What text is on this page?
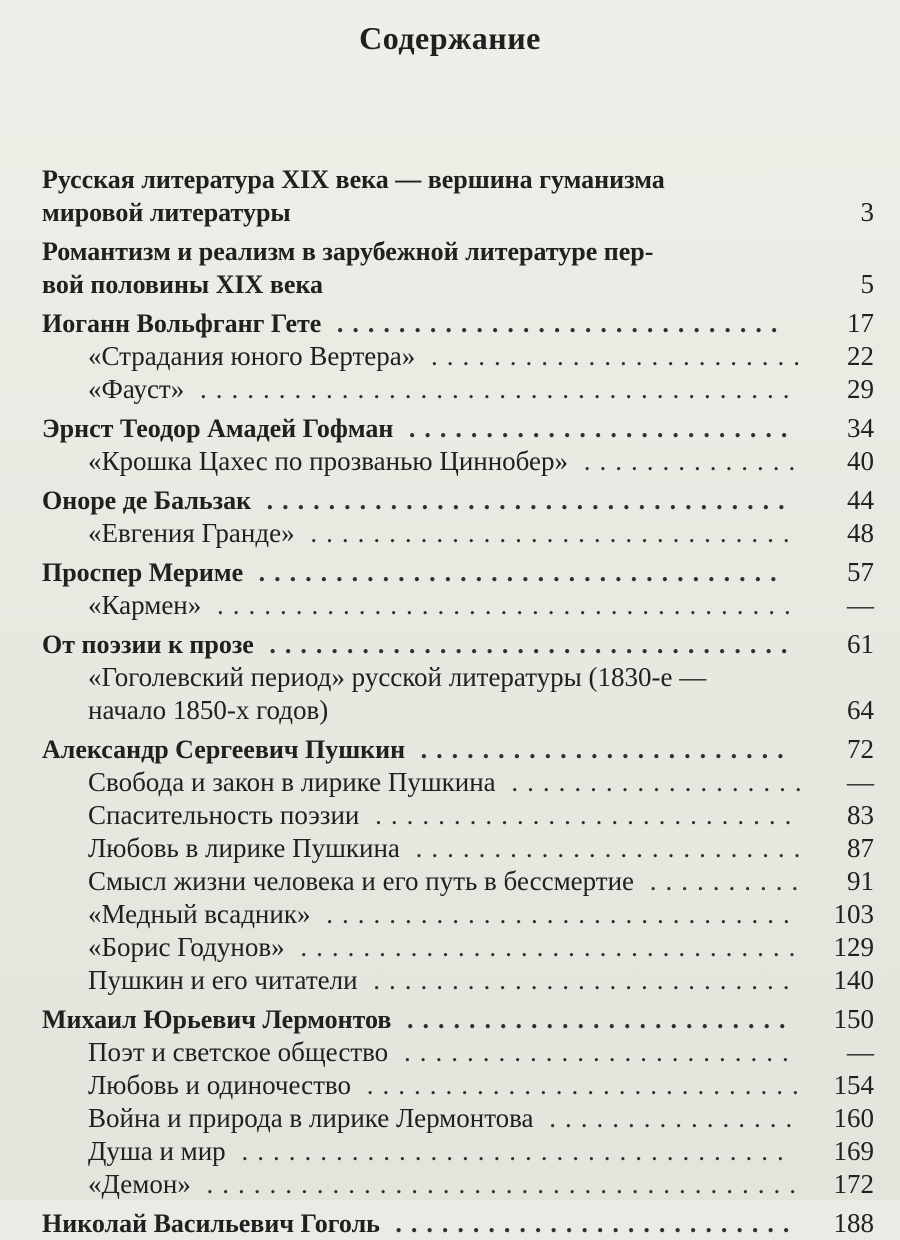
Содержание
Русская литература XIX века — вершина гуманизма
мировой литературы	3
Романтизм и реализм в зарубежной литературе пер-
вой половины XIX века	5
Иоганн Вольфганг Гете ............................. 17
«Страдания юного Вертера» ........................ 22
«Фауст» ...................................... 29
Эрнст Теодор Амадей Гофман ......................... 34
«Крошка Цахес по прозванью Циннобер» .............. 40
Оноре де Бальзак .................................. 44
«Евгения Гранде» ............................... 48
Проспер Мериме .................................. 57
«Кармен» ..................................... —
От поэзии к прозе .................................. 61
«Гоголевский период» русской литературы (1830-е —
начало 1850-х годов)	64
Александр Сергеевич Пушкин ........................ 72
Свобода и закон в лирике Пушкина ................... —
Спасительность поэзии ........................... 83
Любовь в лирике Пушкина ......................... 87
Смысл жизни человека и его путь в бессмертие .......... 91
«Медный всадник» .............................. 103
«Борис Годунов» ................................ 129
Пушкин и его читатели ........................... 140
Михаил Юрьевич Лермонтов ......................... 150
Поэт и светское общество ......................... —
Любовь и одиночество ............................ 154
Война и природа в лирике Лермонтова ................ 160
Душа и мир ................................... 169
«Демон» ...................................... 172
Николай Васильевич Гоголь .......................... 188
